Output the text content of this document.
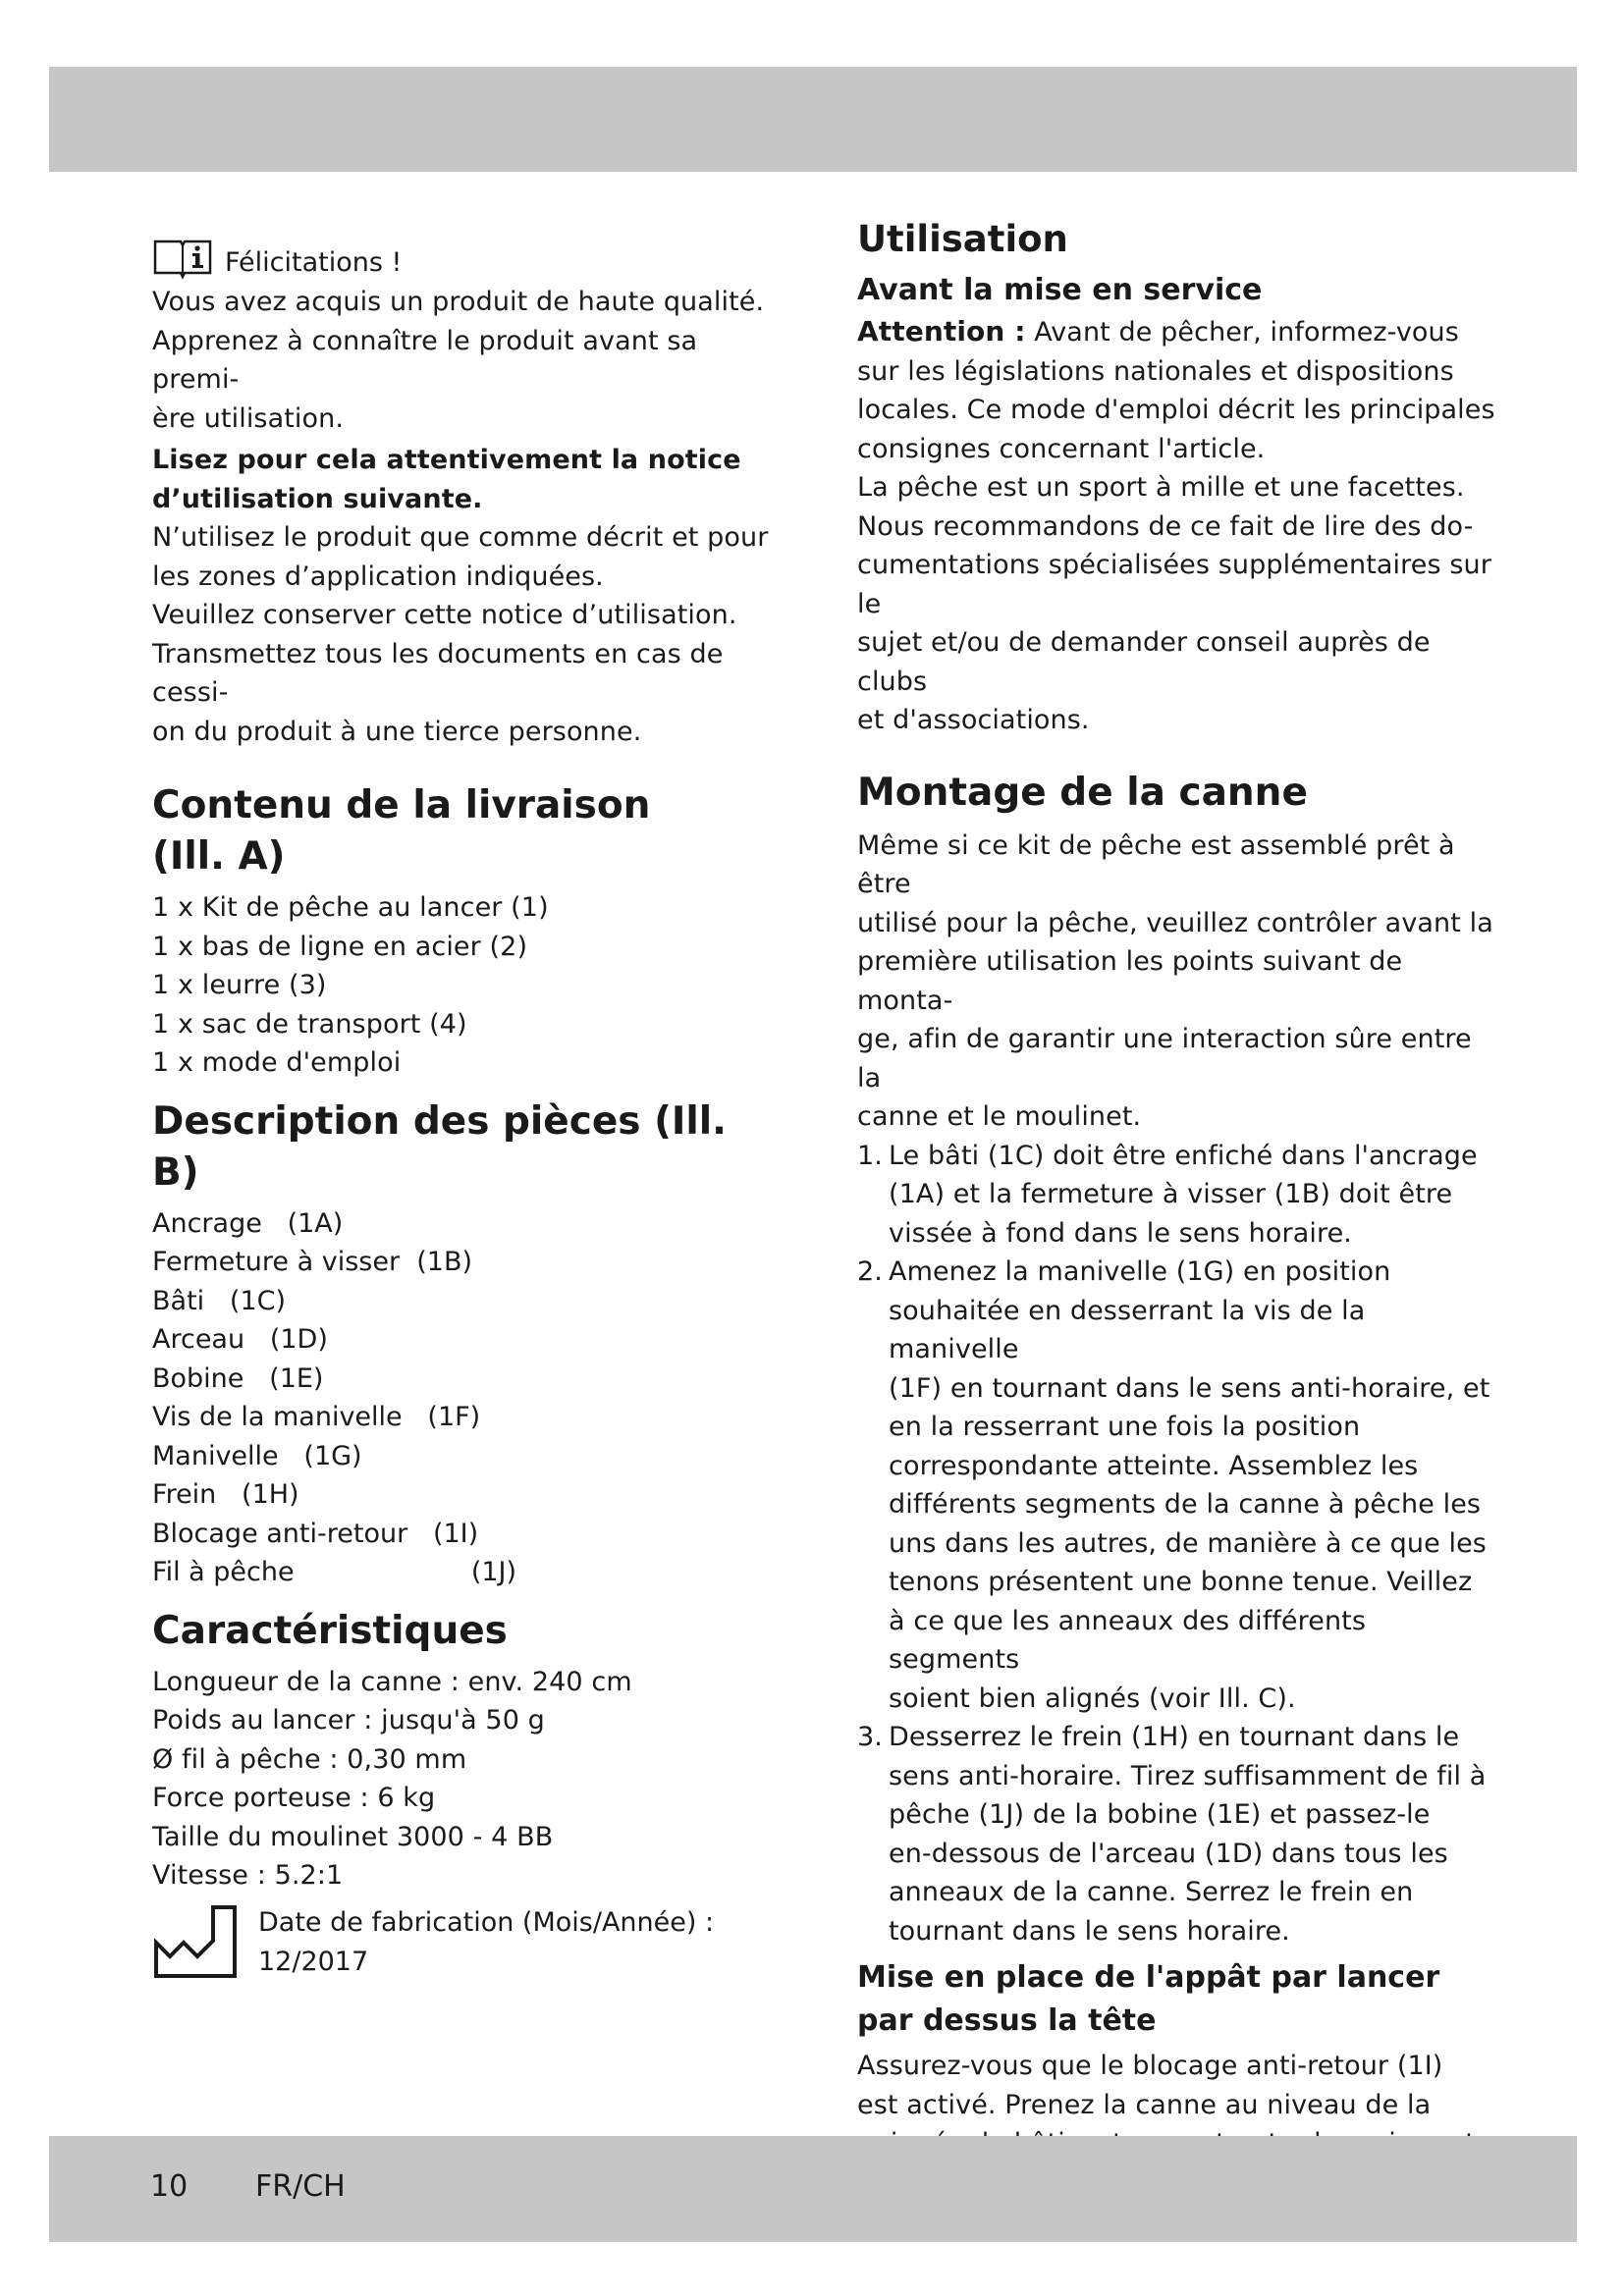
Félicitations !

Vous avez acquis un produit de haute qualité.

Apprenez à connaître le produit avant sa premi-

ère utilisation.

Lisez pour cela attentivement la notice

d’utilisation suivante.

N’utilisez le produit que comme décrit et pour

les zones d’application indiquées.

Veuillez conserver cette notice d’utilisation.

Transmettez tous les documents en cas de cessi-

on du produit à une tierce personne.

Contenu de la livraison
(Ill. A)

1 x Kit de pêche au lancer (1)

1 x bas de ligne en acier (2)

1 x leurre (3)

1 x sac de transport (4)

1 x mode d'emploi

Description des pièces (Ill. B)
Ancrage (1A)
Fermeture à visser (1B)
Bâti (1C)
Arceau (1D)
Bobine (1E)
Vis de la manivelle (1F)
Manivelle (1G)
Frein (1H)
Blocage anti-retour (1I)
Fil à pêche (1J)
Caractéristiques

Longueur de la canne : env. 240 cm

Poids au lancer : jusqu'à 50 g

Ø fil à pêche : 0,30 mm

Force porteuse : 6 kg

Taille du moulinet 3000 - 4 BB

Vitesse : 5.2:1

Date de fabrication (Mois/Année) :
12/2017
Utilisation
Avant la mise en service

Attention : Avant de pêcher, informez-vous

sur les législations nationales et dispositions

locales. Ce mode d'emploi décrit les principales

consignes concernant l'article.

La pêche est un sport à mille et une facettes.

Nous recommandons de ce fait de lire des do-

cumentations spécialisées supplémentaires sur le

sujet et/ou de demander conseil auprès de clubs

et d'associations.

Montage de la canne

Même si ce kit de pêche est assemblé prêt à être

utilisé pour la pêche, veuillez contrôler avant la

première utilisation les points suivant de monta-

ge, afin de garantir une interaction sûre entre la

canne et le moulinet.

1. Le bâti (1C) doit être enfiché dans l'ancrage

(1A) et la fermeture à visser (1B) doit être

vissée à fond dans le sens horaire.

2. Amenez la manivelle (1G) en position

souhaitée en desserrant la vis de la manivelle

(1F) en tournant dans le sens anti-horaire, et

en la resserrant une fois la position

correspondante atteinte. Assemblez les

différents segments de la canne à pêche les

uns dans les autres, de manière à ce que les

tenons présentent une bonne tenue. Veillez

à ce que les anneaux des différents segments

soient bien alignés (voir Ill. C).

3. Desserrez le frein (1H) en tournant dans le

sens anti-horaire. Tirez suffisamment de fil à

pêche (1J) de la bobine (1E) et passez-le

en-dessous de l'arceau (1D) dans tous les

anneaux de la canne. Serrez le frein en

tournant dans le sens horaire.

Mise en place de l'appât par lancer
par dessus la tête

Assurez-vous que le blocage anti-retour (1I)

est activé. Prenez la canne au niveau de la

10 FR/CH
